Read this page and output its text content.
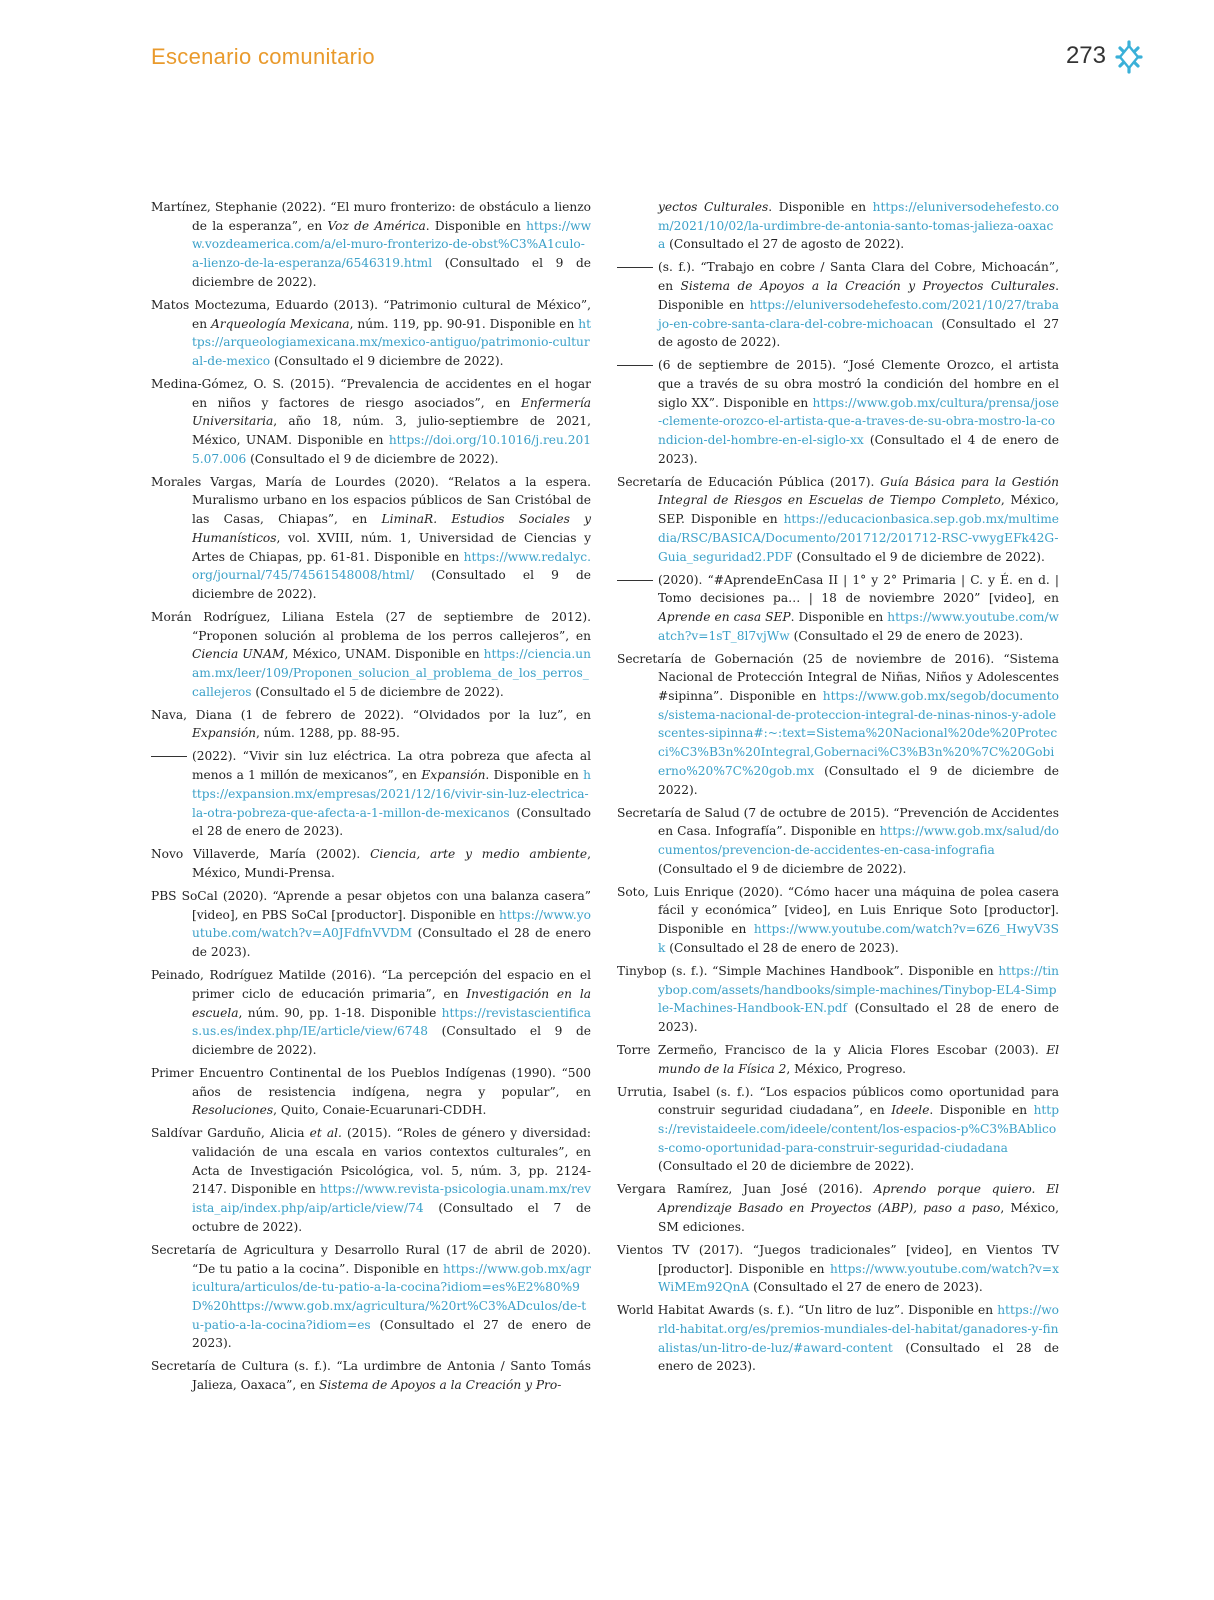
Escenario comunitario	273

Martínez, Stephanie (2022). “El muro fronterizo: de obstáculo a lienzo de la esperanza”, en Voz de América. Disponible en https://www.vozdeamerica.com/a/el-muro-fronterizo-de-obst%C3%A1culo-a-lienzo-de-la-esperanza/6546319.html (Consultado el 9 de diciembre de 2022).

Matos Moctezuma, Eduardo (2013). “Patrimonio cultural de México”, en Arqueología Mexicana, núm. 119, pp. 90-91. Disponible en https://arqueologiamexicana.mx/mexico-antiguo/patrimonio-cultural-de-mexico (Consultado el 9 diciembre de 2022).

Medina-Gómez, O. S. (2015). “Prevalencia de accidentes en el hogar en niños y factores de riesgo asociados”, en Enfermería Universitaria, año 18, núm. 3, julio-septiembre de 2021, México, UNAM. Disponible en https://doi.org/10.1016/j.reu.2015.07.006 (Consultado el 9 de diciembre de 2022).

Morales Vargas, María de Lourdes (2020). “Relatos a la espera. Muralismo urbano en los espacios públicos de San Cristóbal de las Casas, Chiapas”, en LiminaR. Estudios Sociales y Humanísticos, vol. XVIII, núm. 1, Universidad de Ciencias y Artes de Chiapas, pp. 61-81. Disponible en https://www.redalyc.org/journal/745/74561548008/html/ (Consultado el 9 de diciembre de 2022).

Morán Rodríguez, Liliana Estela (27 de septiembre de 2012). “Proponen solución al problema de los perros callejeros”, en Ciencia UNAM, México, UNAM. Disponible en https://ciencia.unam.mx/leer/109/Proponen_solucion_al_problema_de_los_perros_callejeros (Consultado el 5 de diciembre de 2022).

Nava, Diana (1 de febrero de 2022). “Olvidados por la luz”, en Expansión, núm. 1288, pp. 88-95.

(2022). “Vivir sin luz eléctrica. La otra pobreza que afecta al menos a 1 millón de mexicanos”, en Expansión. Disponible en https://expansion.mx/empresas/2021/12/16/vivir-sin-luz-electrica-la-otra-pobreza-que-afecta-a-1-millon-de-mexicanos (Consultado el 28 de enero de 2023).

Novo Villaverde, María (2002). Ciencia, arte y medio ambiente, México, Mundi-Prensa.

PBS SoCal (2020). “Aprende a pesar objetos con una balanza casera” [video], en PBS SoCal [productor]. Disponible en https://www.youtube.com/watch?v=A0JFdfnVVDM (Consultado el 28 de enero de 2023).

Peinado, Rodríguez Matilde (2016). “La percepción del espacio en el primer ciclo de educación primaria”, en Investigación en la escuela, núm. 90, pp. 1-18. Disponible https://revistascientificas.us.es/index.php/IE/article/view/6748 (Consultado el 9 de diciembre de 2022).

Primer Encuentro Continental de los Pueblos Indígenas (1990). “500 años de resistencia indígena, negra y popular”, en Resoluciones, Quito, Conaie-Ecuarunari-CDDH.

Saldívar Garduño, Alicia et al. (2015). “Roles de género y diversidad: validación de una escala en varios contextos culturales”, en Acta de Investigación Psicológica, vol. 5, núm. 3, pp. 2124-2147. Disponible en https://www.revista-psicologia.unam.mx/revista_aip/index.php/aip/article/view/74 (Consultado el 7 de octubre de 2022).

Secretaría de Agricultura y Desarrollo Rural (17 de abril de 2020). “De tu patio a la cocina”. Disponible en https://www.gob.mx/agricultura/articulos/de-tu-patio-a-la-cocina?idiom=es%E2%80%9D%20https://www.gob.mx/agricultura/%20rt%C3%ADculos/de-tu-patio-a-la-cocina?idiom=es (Consultado el 27 de enero de 2023).

Secretaría de Cultura (s. f.). “La urdimbre de Antonia / Santo Tomás Jalieza, Oaxaca”, en Sistema de Apoyos a la Creación y Pro-

yectos Culturales. Disponible en https://eluniversodehefesto.com/2021/10/02/la-urdimbre-de-antonia-santo-tomas-jalieza-oaxaca (Consultado el 27 de agosto de 2022).

(s. f.). “Trabajo en cobre / Santa Clara del Cobre, Michoacán”, en Sistema de Apoyos a la Creación y Proyectos Culturales. Disponible en https://eluniversodehefesto.com/2021/10/27/trabajo-en-cobre-santa-clara-del-cobre-michoacan (Consultado el 27 de agosto de 2022).

(6 de septiembre de 2015). “José Clemente Orozco, el artista que a través de su obra mostró la condición del hombre en el siglo XX”. Disponible en https://www.gob.mx/cultura/prensa/jose-clemente-orozco-el-artista-que-a-traves-de-su-obra-mostro-la-condicion-del-hombre-en-el-siglo-xx (Consultado el 4 de enero de 2023).

Secretaría de Educación Pública (2017). Guía Básica para la Gestión Integral de Riesgos en Escuelas de Tiempo Completo, México, SEP. Disponible en https://educacionbasica.sep.gob.mx/multimedia/RSC/BASICA/Documento/201712/201712-RSC-vwygEFk42G-Guia_seguridad2.PDF (Consultado el 9 de diciembre de 2022).

(2020). “#AprendeEnCasa II | 1° y 2° Primaria | C. y É. en d. | Tomo decisiones pa… | 18 de noviembre 2020” [video], en Aprende en casa SEP. Disponible en https://www.youtube.com/watch?v=1sT_8l7vjWw (Consultado el 29 de enero de 2023).

Secretaría de Gobernación (25 de noviembre de 2016). “Sistema Nacional de Protección Integral de Niñas, Niños y Adolescentes #sipinna”. Disponible en https://www.gob.mx/segob/documentos/sistema-nacional-de-proteccion-integral-de-ninas-ninos-y-adolescentes-sipinna#:~:text=Sistema%20Nacional%20de%20Protecci%C3%B3n%20Integral,Gobernaci%C3%B3n%20%7C%20Gobierno%20%7C%20gob.mx (Consultado el 9 de diciembre de 2022).

Secretaría de Salud (7 de octubre de 2015). “Prevención de Accidentes en Casa. Infografía”. Disponible en https://www.gob.mx/salud/documentos/prevencion-de-accidentes-en-casa-infografia (Consultado el 9 de diciembre de 2022).

Soto, Luis Enrique (2020). “Cómo hacer una máquina de polea casera fácil y económica” [video], en Luis Enrique Soto [productor]. Disponible en https://www.youtube.com/watch?v=6Z6_HwyV3Sk (Consultado el 28 de enero de 2023).

Tinybop (s. f.). “Simple Machines Handbook”. Disponible en https://tinybop.com/assets/handbooks/simple-machines/Tinybop-EL4-Simple-Machines-Handbook-EN.pdf (Consultado el 28 de enero de 2023).

Torre Zermeño, Francisco de la y Alicia Flores Escobar (2003). El mundo de la Física 2, México, Progreso.

Urrutia, Isabel (s. f.). “Los espacios públicos como oportunidad para construir seguridad ciudadana”, en Ideele. Disponible en https://revistaideele.com/ideele/content/los-espacios-p%C3%BAblicos-como-oportunidad-para-construir-seguridad-ciudadana (Consultado el 20 de diciembre de 2022).

Vergara Ramírez, Juan José (2016). Aprendo porque quiero. El Aprendizaje Basado en Proyectos (ABP), paso a paso, México, SM ediciones.

Vientos TV (2017). “Juegos tradicionales” [video], en Vientos TV [productor]. Disponible en https://www.youtube.com/watch?v=xWiMEm92QnA (Consultado el 27 de enero de 2023).

World Habitat Awards (s. f.). “Un litro de luz”. Disponible en https://world-habitat.org/es/premios-mundiales-del-habitat/ganadores-y-finalistas/un-litro-de-luz/#award-content (Consultado el 28 de enero de 2023).
